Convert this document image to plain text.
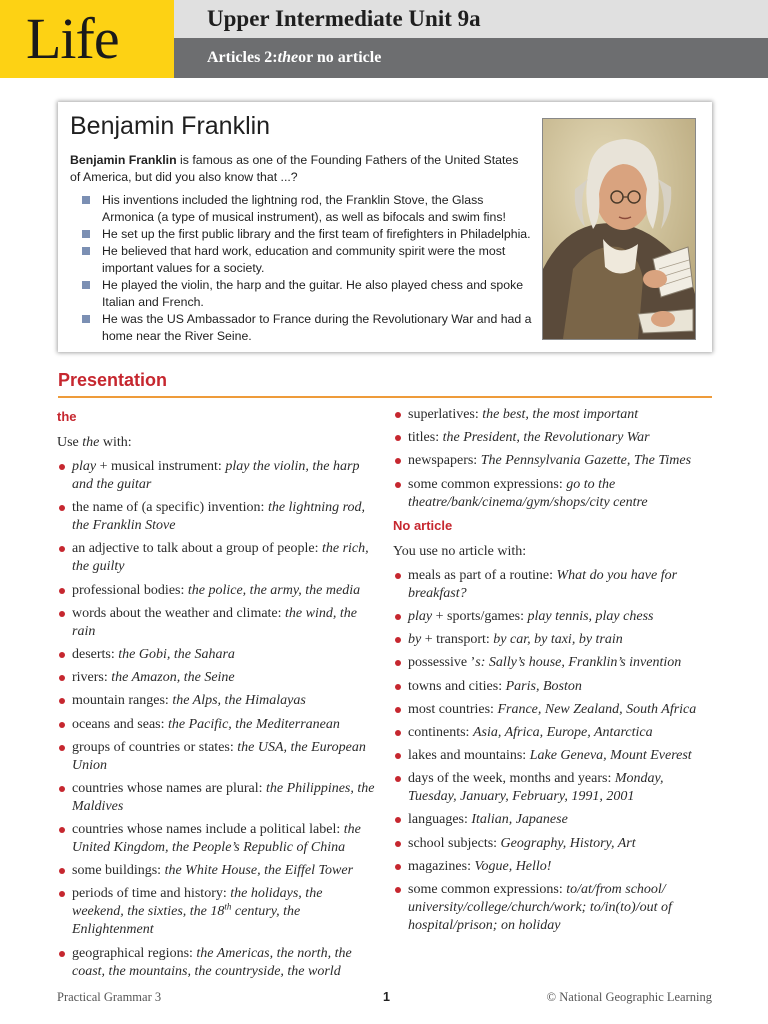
Life	Upper Intermediate Unit 9a
Articles 2: the or no article
Benjamin Franklin
Benjamin Franklin is famous as one of the Founding Fathers of the United States of America, but did you also know that ...?
His inventions included the lightning rod, the Franklin Stove, the Glass Armonica (a type of musical instrument), as well as bifocals and swim fins!
He set up the first public library and the first team of firefighters in Philadelphia.
He believed that hard work, education and community spirit were the most important values for a society.
He played the violin, the harp and the guitar. He also played chess and spoke Italian and French.
He was the US Ambassador to France during the Revolutionary War and had a home near the River Seine.
Presentation
the
Use the with:
play + musical instrument: play the violin, the harp and the guitar
the name of (a specific) invention: the lightning rod, the Franklin Stove
an adjective to talk about a group of people: the rich, the guilty
professional bodies: the police, the army, the media
words about the weather and climate: the wind, the rain
deserts: the Gobi, the Sahara
rivers: the Amazon, the Seine
mountain ranges: the Alps, the Himalayas
oceans and seas: the Pacific, the Mediterranean
groups of countries or states: the USA, the European Union
countries whose names are plural: the Philippines, the Maldives
countries whose names include a political label: the United Kingdom, the People’s Republic of China
some buildings: the White House, the Eiffel Tower
periods of time and history: the holidays, the weekend, the sixties, the 18th century, the Enlightenment
geographical regions: the Americas, the north, the coast, the mountains, the countryside, the world
superlatives: the best, the most important
titles: the President, the Revolutionary War
newspapers: The Pennsylvania Gazette, The Times
some common expressions: go to the theatre/bank/cinema/gym/shops/city centre
No article
You use no article with:
meals as part of a routine: What do you have for breakfast?
play + sports/games: play tennis, play chess
by + transport: by car, by taxi, by train
possessive ’s: Sally’s house, Franklin’s invention
towns and cities: Paris, Boston
most countries: France, New Zealand, South Africa
continents: Asia, Africa, Europe, Antarctica
lakes and mountains: Lake Geneva, Mount Everest
days of the week, months and years: Monday, Tuesday, January, February, 1991, 2001
languages: Italian, Japanese
school subjects: Geography, History, Art
magazines: Vogue, Hello!
some common expressions: to/at/from school/ university/college/church/work; to/in(to)/out of hospital/prison; on holiday
Practical Grammar 3	1	© National Geographic Learning
